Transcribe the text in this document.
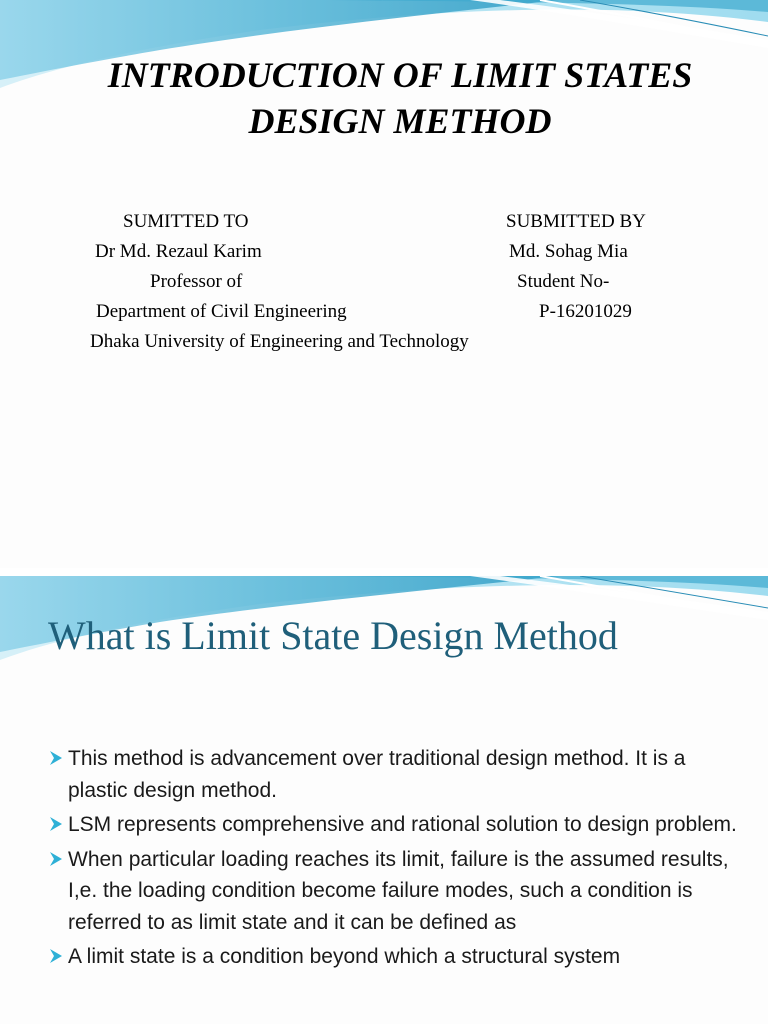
INTRODUCTION OF LIMIT STATES
DESIGN METHOD
SUMITTED TO
Dr Md. Rezaul Karim
Professor of
Department of Civil Engineering
Dhaka University of Engineering and Technology
SUBMITTED BY
Md. Sohag Mia
Student No-
P-16201029
What is Limit State Design Method
This method is advancement over traditional design method. It is a plastic design method.
LSM represents comprehensive and rational solution to design problem.
When particular loading reaches its limit, failure is the assumed results, I,e. the loading condition become failure modes, such a condition is referred to as limit state and it can be defined as
A limit state is a condition beyond which a structural system
